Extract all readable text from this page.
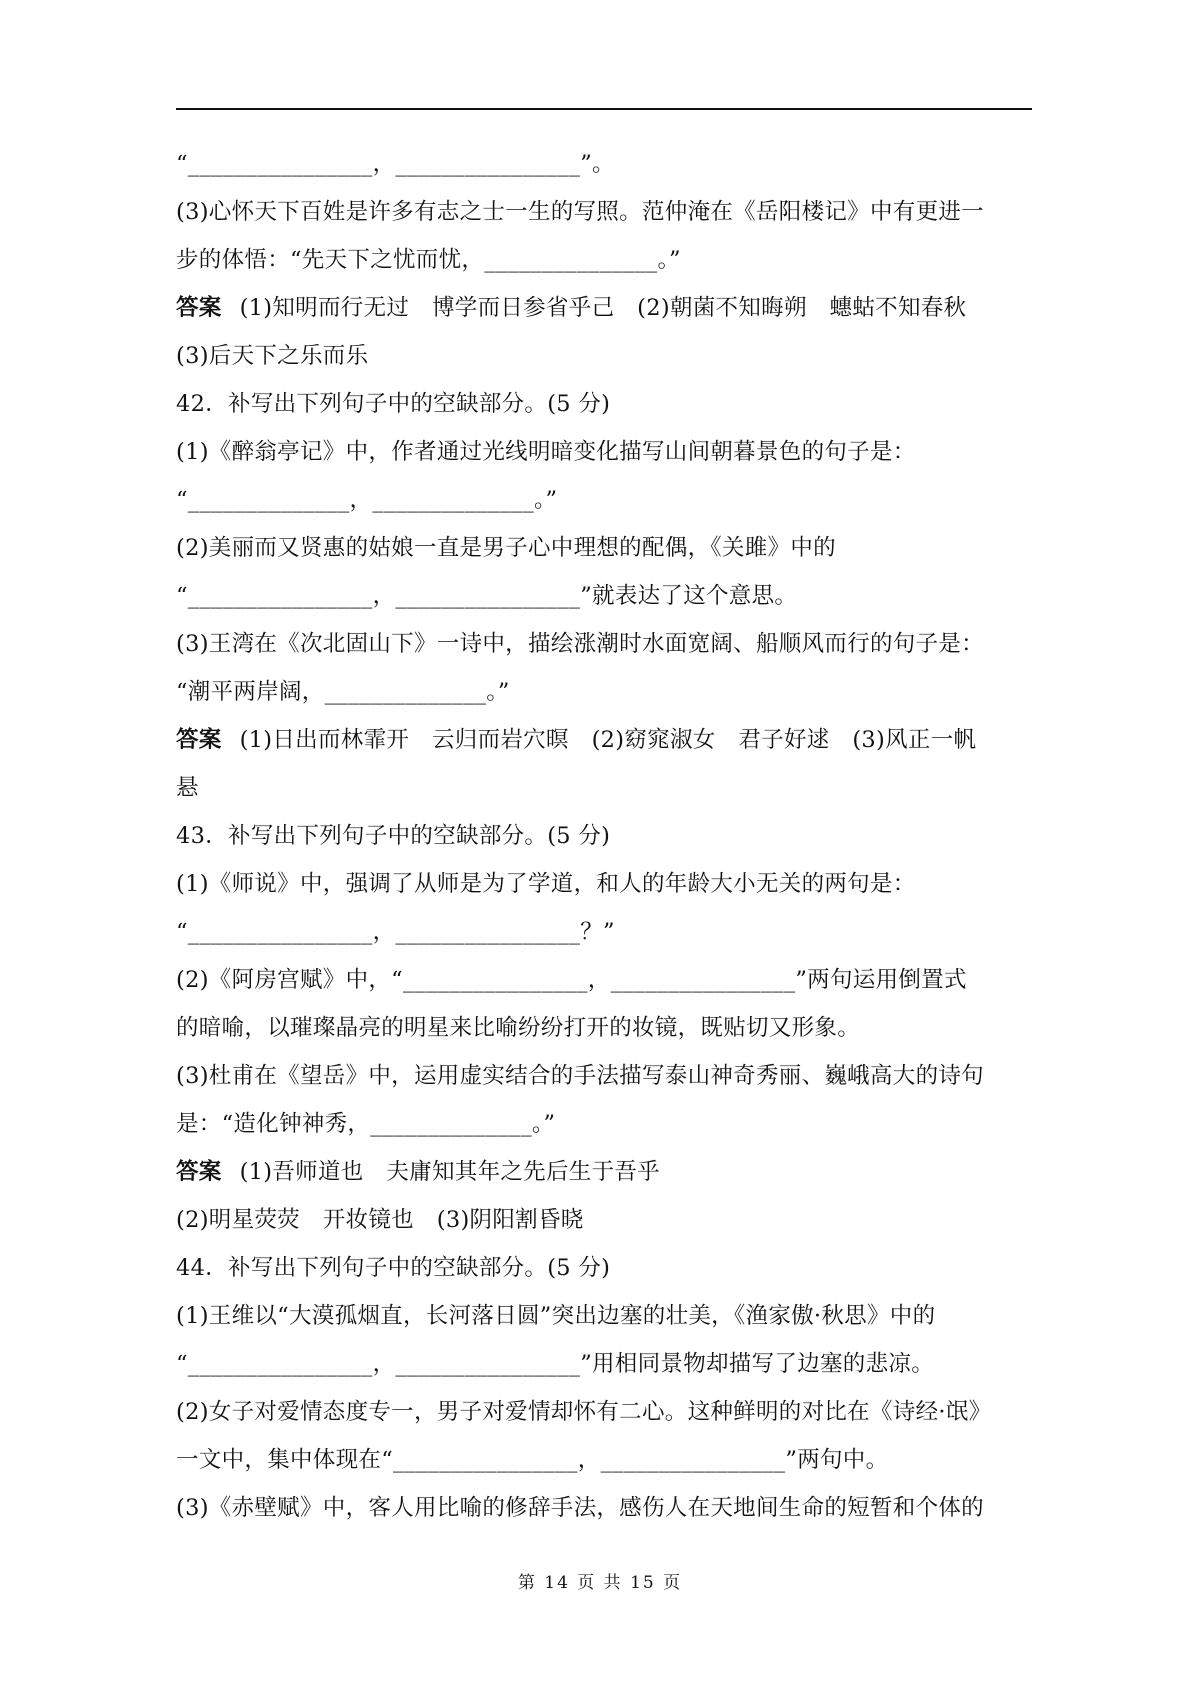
“________________，________________”。
(3)心怀天下百姓是许多有志之士一生的写照。范仲淹在《岳阳楼记》中有更进一
步的体悟：“先天下之忧而忧，_______________。”
答案 (1)知明而行无过　博学而日参省乎己　(2)朝菌不知晦朔　蟪蛄不知春秋
(3)后天下之乐而乐
42．补写出下列句子中的空缺部分。(5 分)
(1)《醉翁亭记》中，作者通过光线明暗变化描写山间朝暮景色的句子是：
“______________，______________。”
(2)美丽而又贤惠的姑娘一直是男子心中理想的配偶，《关雎》中的
“________________，________________”就表达了这个意思。
(3)王湾在《次北固山下》一诗中，描绘涨潮时水面宽阔、船顺风而行的句子是：
“潮平两岸阔，______________。”
答案 (1)日出而林霏开　云归而岩穴暝　(2)窈窕淑女　君子好逑　(3)风正一帆
悬
43．补写出下列句子中的空缺部分。(5 分)
(1)《师说》中，强调了从师是为了学道，和人的年龄大小无关的两句是：
“________________，________________？”
(2)《阿房宫赋》中，“________________，________________”两句运用倒置式
的暗喻，以璀璨晶亮的明星来比喻纷纷打开的妆镜，既贴切又形象。
(3)杜甫在《望岳》中，运用虚实结合的手法描写泰山神奇秀丽、巍峨高大的诗句
是：“造化钟神秀，______________。”
答案 (1)吾师道也　夫庸知其年之先后生于吾乎
(2)明星荧荧　开妆镜也　(3)阴阳割昏晓
44．补写出下列句子中的空缺部分。(5 分)
(1)王维以“大漠孤烟直，长河落日圆”突出边塞的壮美，《渔家傲·秋思》中的
“________________，________________”用相同景物却描写了边塞的悲凉。
(2)女子对爱情态度专一，男子对爱情却怀有二心。这种鲜明的对比在《诗经·氓》
一文中，集中体现在“________________，________________”两句中。
(3)《赤壁赋》中，客人用比喻的修辞手法，感伤人在天地间生命的短暂和个体的
第 14 页 共 15 页
